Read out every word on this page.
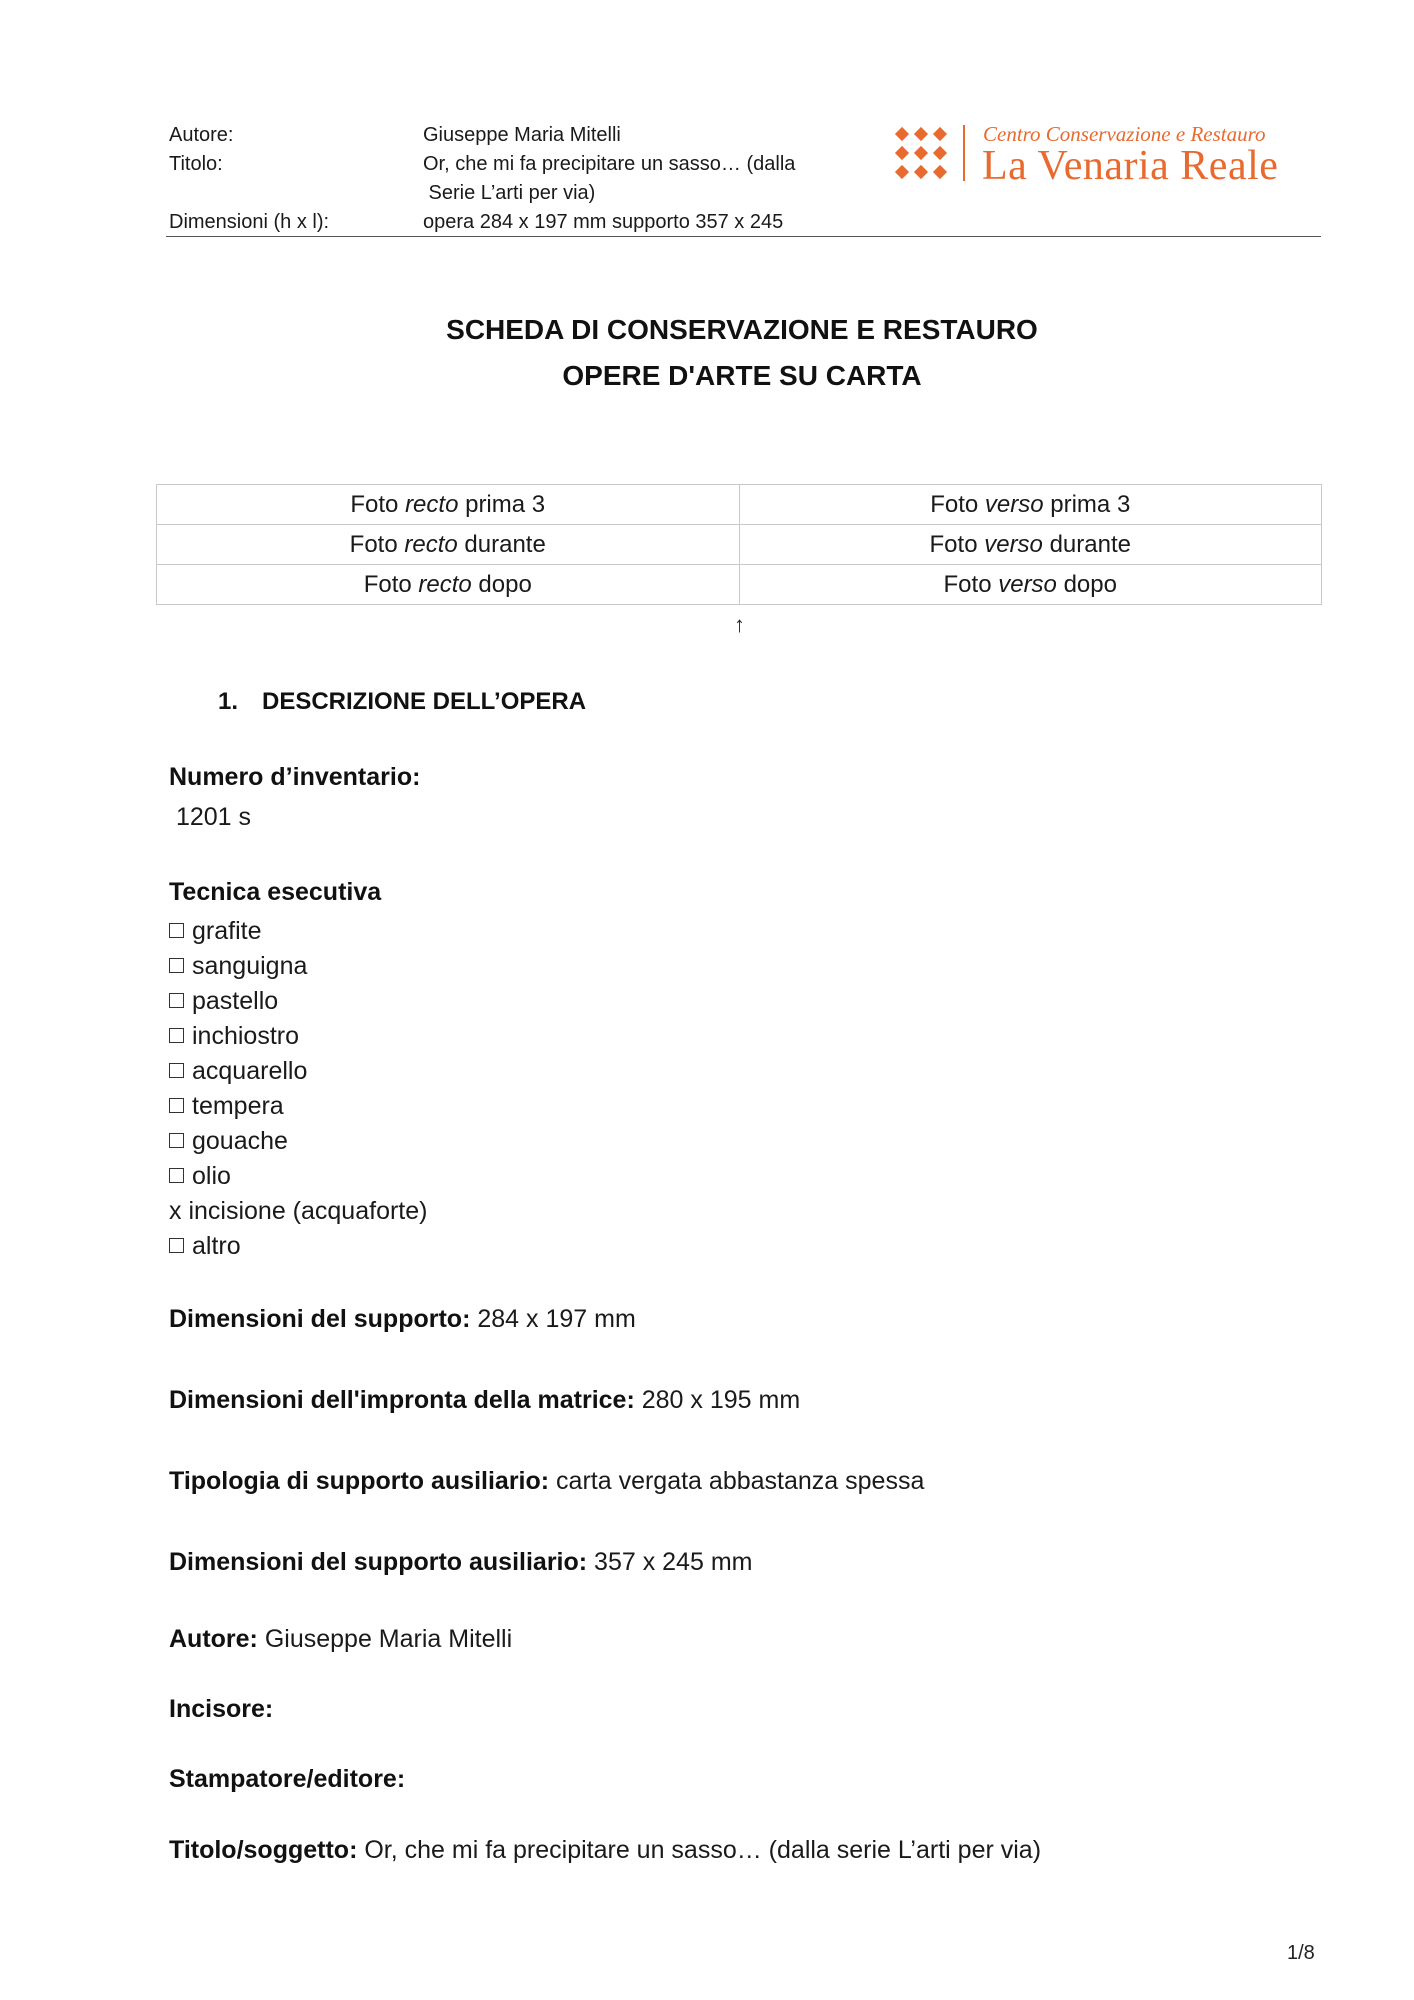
Autore:	Giuseppe Maria Mitelli
Titolo:	Or, che mi fa precipitare un sasso… (dalla
Serie L’arti per via)
Dimensioni (h x l):	opera 284 x 197 mm supporto 357 x 245
Centro Conservazione e Restauro
La Venaria Reale
SCHEDA DI CONSERVAZIONE E RESTAURO
OPERE D'ARTE SU CARTA
Foto recto prima 3	Foto verso prima 3
Foto recto durante	Foto verso durante
Foto recto dopo	Foto verso dopo
↑
1. DESCRIZIONE DELL’OPERA
Numero d’inventario:
1201 s
Tecnica esecutiva
grafite
sanguigna
pastello
inchiostro
acquarello
tempera
gouache
olio
x incisione (acquaforte)
altro
Dimensioni del supporto: 284 x 197 mm
Dimensioni dell'impronta della matrice: 280 x 195 mm
Tipologia di supporto ausiliario: carta vergata abbastanza spessa
Dimensioni del supporto ausiliario: 357 x 245 mm
Autore: Giuseppe Maria Mitelli
Incisore:
Stampatore/editore:
Titolo/soggetto: Or, che mi fa precipitare un sasso… (dalla serie L’arti per via)
1/8
